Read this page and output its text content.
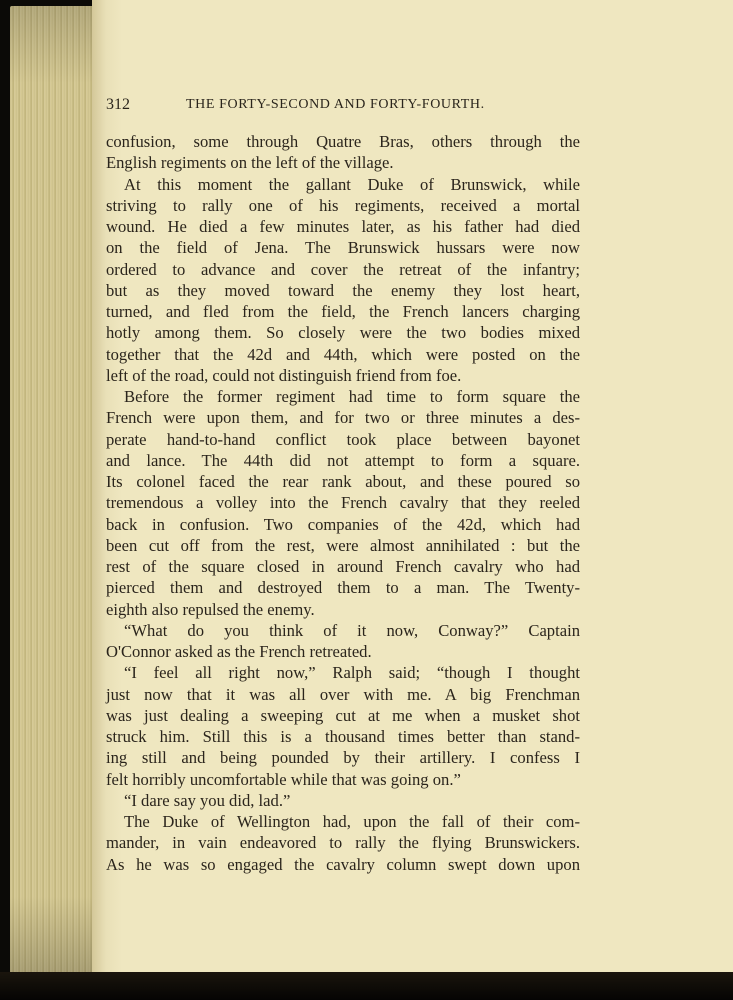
312	THE FORTY-SECOND AND FORTY-FOURTH.
confusion, some through Quatre Bras, others through the
English regiments on the left of the village.
At this moment the gallant Duke of Brunswick, while
striving to rally one of his regiments, received a mortal
wound. He died a few minutes later, as his father had died
on the field of Jena. The Brunswick hussars were now
ordered to advance and cover the retreat of the infantry;
but as they moved toward the enemy they lost heart,
turned, and fled from the field, the French lancers charging
hotly among them. So closely were the two bodies mixed
together that the 42d and 44th, which were posted on the
left of the road, could not distinguish friend from foe.
Before the former regiment had time to form square the
French were upon them, and for two or three minutes a des-
perate hand-to-hand conflict took place between bayonet
and lance. The 44th did not attempt to form a square.
Its colonel faced the rear rank about, and these poured so
tremendous a volley into the French cavalry that they reeled
back in confusion. Two companies of the 42d, which had
been cut off from the rest, were almost annihilated : but the
rest of the square closed in around French cavalry who had
pierced them and destroyed them to a man. The Twenty-
eighth also repulsed the enemy.
“What do you think of it now, Conway?” Captain
O'Connor asked as the French retreated.
“I feel all right now,” Ralph said; “though I thought
just now that it was all over with me. A big Frenchman
was just dealing a sweeping cut at me when a musket shot
struck him. Still this is a thousand times better than stand-
ing still and being pounded by their artillery. I confess I
felt horribly uncomfortable while that was going on.”
“I dare say you did, lad.”
The Duke of Wellington had, upon the fall of their com-
mander, in vain endeavored to rally the flying Brunswickers.
As he was so engaged the cavalry column swept down upon
